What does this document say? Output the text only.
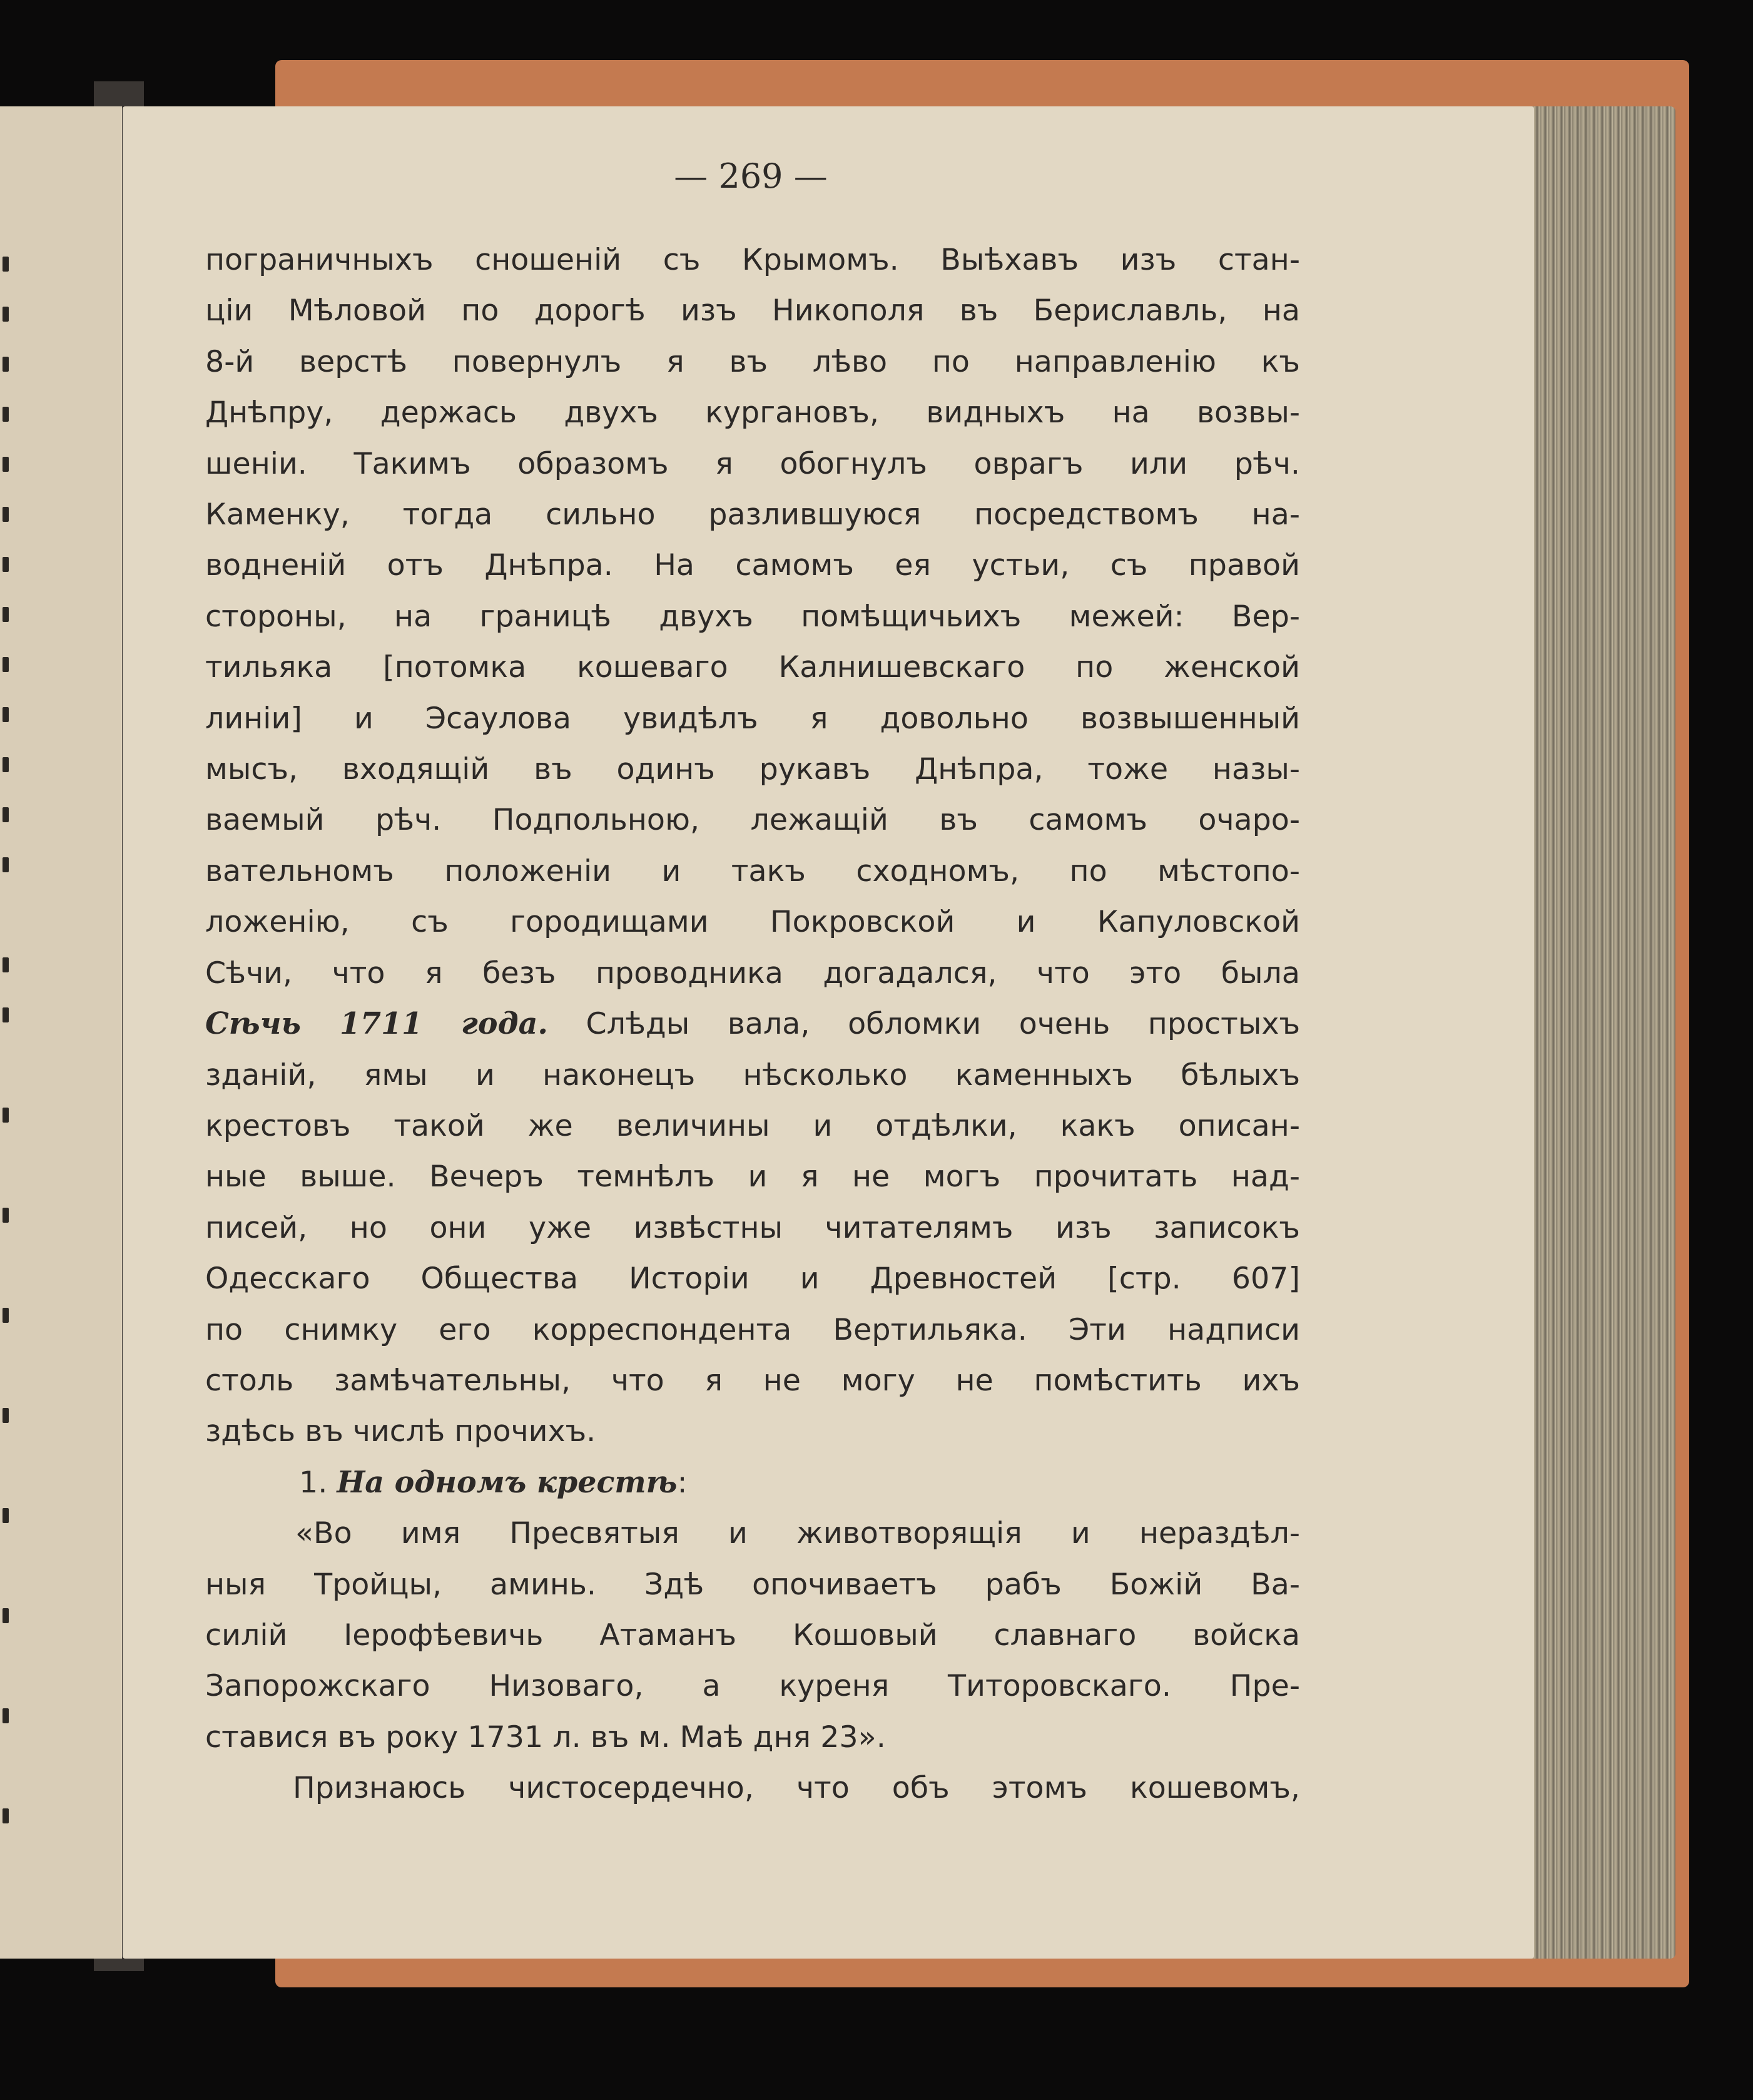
— 269 —
пограничныхъ сношеній съ Крымомъ. Выѣхавъ изъ стан-
ціи Мѣловой по дорогѣ изъ Никополя въ Бериславль, на
8-й верстѣ повернулъ я въ лѣво по направленію къ
Днѣпру, держась двухъ кургановъ, видныхъ на возвы-
шеніи. Такимъ образомъ я обогнулъ оврагъ или рѣч.
Каменку, тогда сильно разлившуюся посредствомъ на-
водненій отъ Днѣпра. На самомъ ея устьи, съ правой
стороны, на границѣ двухъ помѣщичьихъ межей: Вер-
тильяка [потомка кошеваго Калнишевскаго по женской
линіи] и Эсаулова увидѣлъ я довольно возвышенный
мысъ, входящій въ одинъ рукавъ Днѣпра, тоже назы-
ваемый рѣч. Подпольною, лежащій въ самомъ очаро-
вательномъ положеніи и такъ сходномъ, по мѣстопо-
ложенію, съ городищами Покровской и Капуловской
Сѣчи, что я безъ проводника догадался, что это была
Сѣчь 1711 года. Слѣды вала, обломки очень простыхъ
зданій, ямы и наконецъ нѣсколько каменныхъ бѣлыхъ
крестовъ такой же величины и отдѣлки, какъ описан-
ные выше. Вечеръ темнѣлъ и я не могъ прочитать над-
писей, но они уже извѣстны читателямъ изъ записокъ
Одесскаго Общества Исторіи и Древностей [стр. 607]
по снимку его корреспондента Вертильяка. Эти надписи
столь замѣчательны, что я не могу не помѣстить ихъ
здѣсь въ числѣ прочихъ.
1. На одномъ крестѣ:
«Во имя Пресвятыя и животворящія и нераздѣл-
ныя Тройцы, аминь. Здѣ опочиваетъ рабъ Божій Ва-
силій Іерофѣевичь Атаманъ Кошовый славнаго войска
Запорожскаго Низоваго, а куреня Титоровскаго. Пре-
ставися въ року 1731 л. въ м. Маѣ дня 23».
Признаюсь чистосердечно, что объ этомъ кошевомъ,
